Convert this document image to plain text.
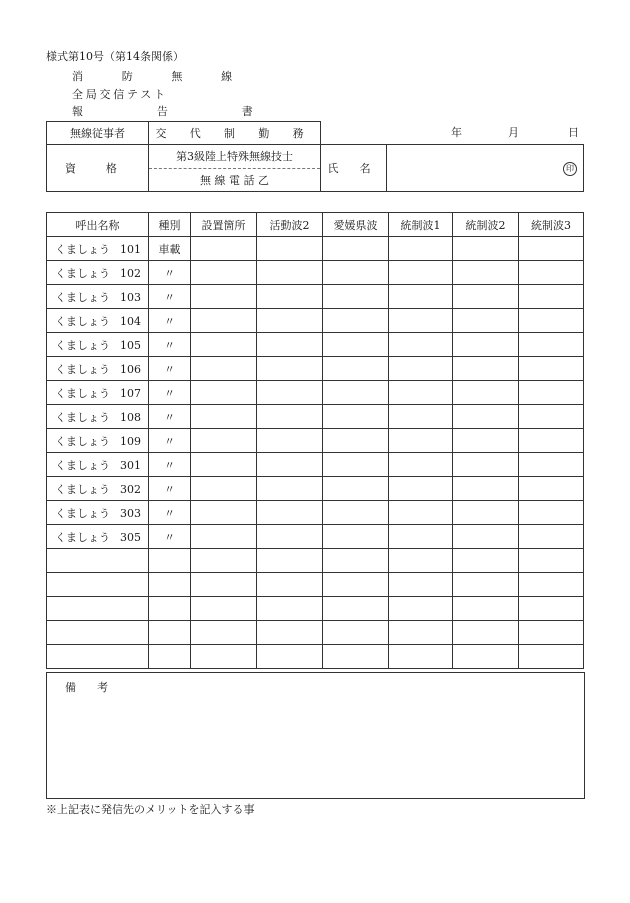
様式第10号（第14条関係）
消 防 無 線
全局交信テスト
報 告 書
年	月	日
無線従事者	交 代 制 勤 務		
資 格	第3級陸上特殊無線技士	氏 名	印
	無 線 電 話 乙		
呼出名称	種別	設置箇所	活動波2	愛媛県波	統制波1	統制波2	統制波3
くましょう 101	車載						
くましょう 102	〃						
くましょう 103	〃						
くましょう 104	〃						
くましょう 105	〃						
くましょう 106	〃						
くましょう 107	〃						
くましょう 108	〃						
くましょう 109	〃						
くましょう 301	〃						
くましょう 302	〃						
くましょう 303	〃						
くましょう 305	〃						

備 考
※上記表に発信先のメリットを記入する事
